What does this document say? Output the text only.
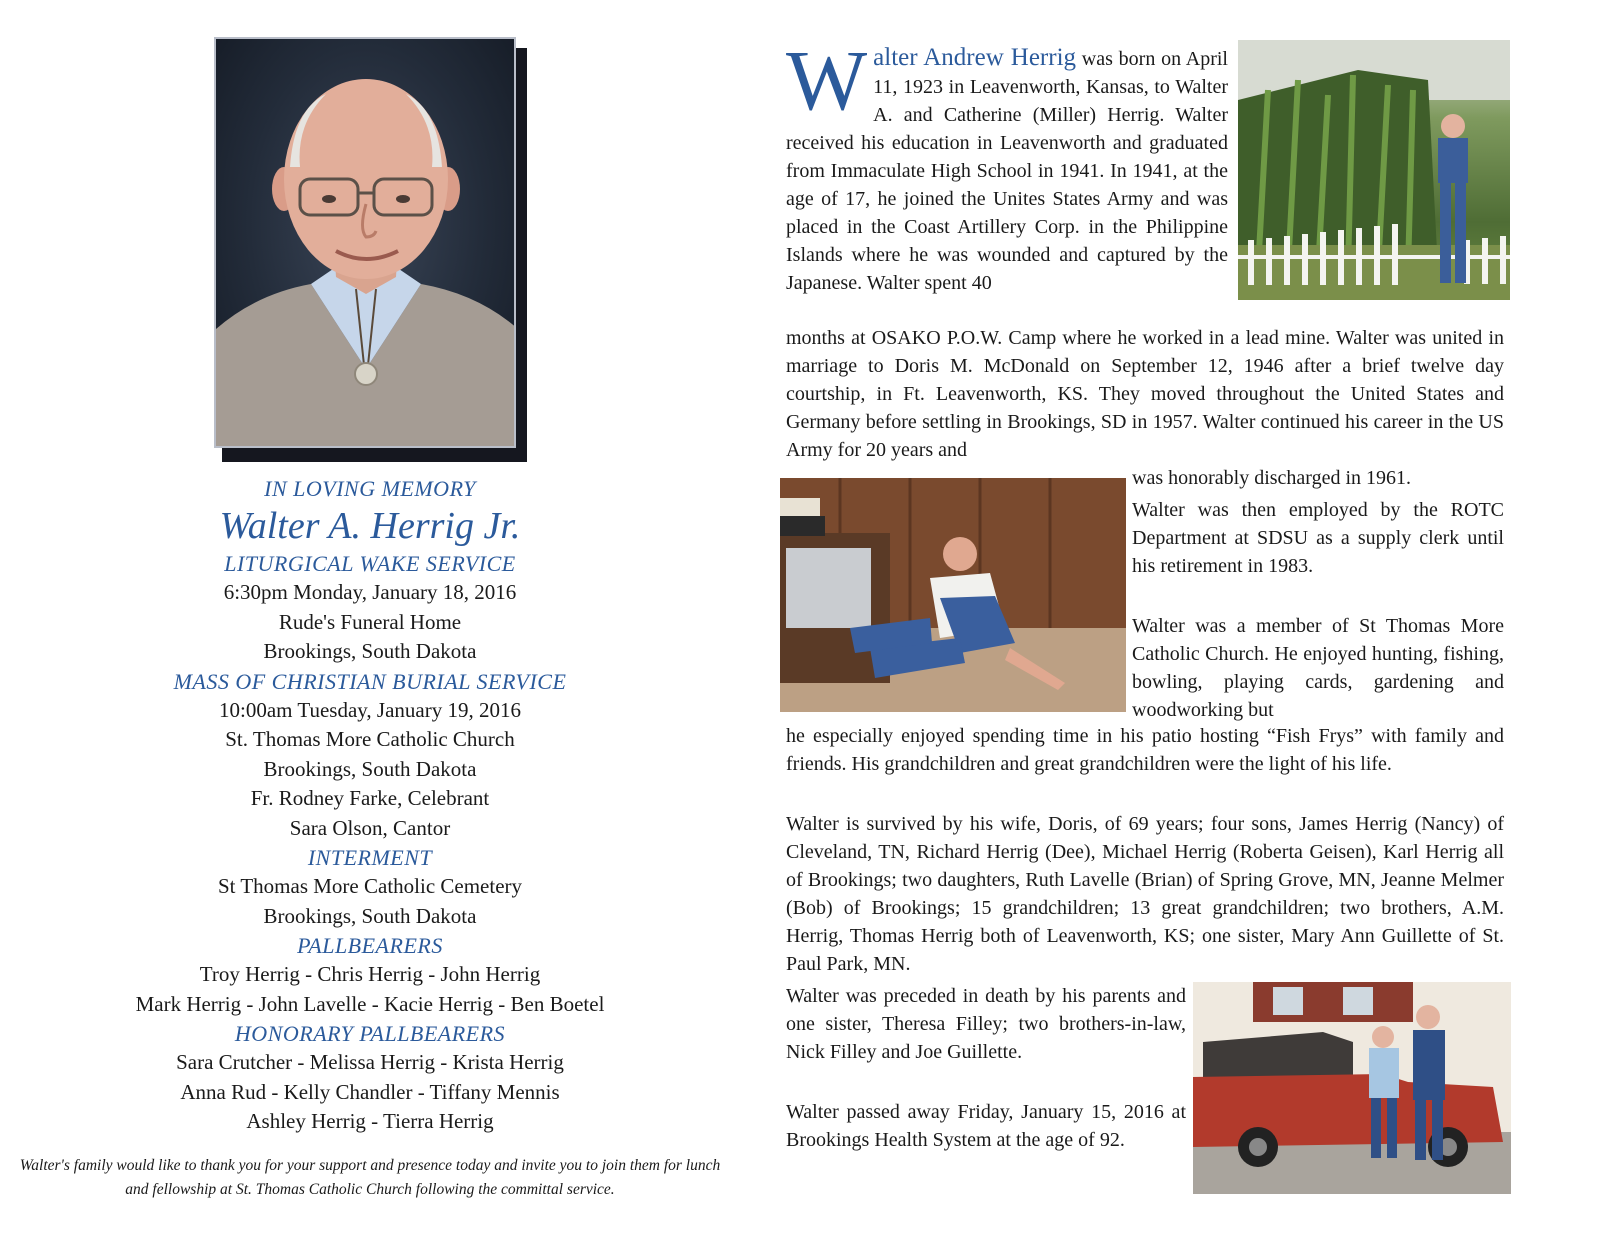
IN LOVING MEMORY

Walter A. Herrig Jr.

LITURGICAL WAKE SERVICE

6:30pm Monday, January 18, 2016

Rude's Funeral Home

Brookings, South Dakota

MASS OF CHRISTIAN BURIAL SERVICE

10:00am Tuesday, January 19, 2016

St. Thomas More Catholic Church

Brookings, South Dakota

Fr. Rodney Farke, Celebrant

Sara Olson, Cantor

INTERMENT

St Thomas More Catholic Cemetery

Brookings, South Dakota

PALLBEARERS

Troy Herrig - Chris Herrig - John Herrig

Mark Herrig - John Lavelle - Kacie Herrig - Ben Boetel

HONORARY PALLBEARERS

Sara Crutcher - Melissa Herrig - Krista Herrig

Anna Rud - Kelly Chandler - Tiffany Mennis

Ashley Herrig - Tierra Herrig

Walter's family would like to thank you for your support and presence today and invite you to join them for lunch and fellowship at St. Thomas Catholic Church following the committal service.

Walter Andrew Herrig was born on April 11, 1923 in Leavenworth, Kansas, to Walter A. and Catherine (Miller) Herrig. Walter received his education in Leavenworth and graduated from Immaculate High School in 1941. In 1941, at the age of 17, he joined the Unites States Army and was placed in the Coast Artillery Corp. in the Philippine Islands where he was wounded and captured by the Japanese. Walter spent 40
months at OSAKO P.O.W. Camp where he worked in a lead mine. Walter was united in marriage to Doris M. McDonald on September 12, 1946 after a brief twelve day courtship, in Ft. Leavenworth, KS. They moved throughout the United States and Germany before settling in Brookings, SD in 1957. Walter continued his career in the US Army for 20 years and
was honorably discharged in 1961.
Walter was then employed by the ROTC Department at SDSU as a supply clerk until his retirement in 1983.
Walter was a member of St Thomas More Catholic Church. He enjoyed hunting, fishing, bowling, playing cards, gardening and woodworking but
he especially enjoyed spending time in his patio hosting “Fish Frys” with family and friends. His grandchildren and great grandchildren were the light of his life.
Walter is survived by his wife, Doris, of 69 years; four sons, James Herrig (Nancy) of Cleveland, TN, Richard Herrig (Dee), Michael Herrig (Roberta Geisen), Karl Herrig all of Brookings; two daughters, Ruth Lavelle (Brian) of Spring Grove, MN, Jeanne Melmer (Bob) of Brookings; 15 grandchildren; 13 great grandchildren; two brothers, A.M. Herrig, Thomas Herrig both of Leavenworth, KS; one sister, Mary Ann Guillette of St. Paul Park, MN.
Walter was preceded in death by his parents and one sister, Theresa Filley; two brothers-in-law, Nick Filley and Joe Guillette.
Walter passed away Friday, January 15, 2016 at Brookings Health System at the age of 92.
